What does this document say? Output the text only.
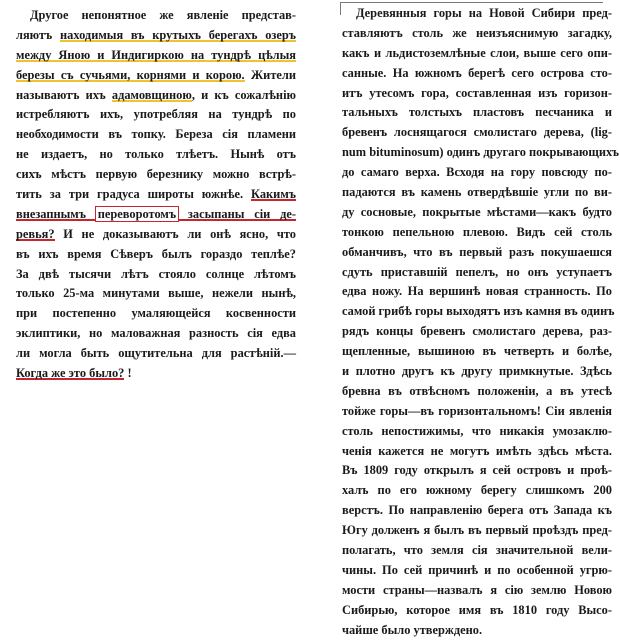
Другое непонятное же явленіе представ-
ляютъ находимыя въ крутыхъ берегахъ озеръ
между Яною и Индигиркою на тундрѣ цѣлыя
березы съ сучьями, корнями и корою. Жители
называютъ ихъ адамовщиною, и къ сожалѣнію
истребляютъ ихъ, употребляя на тундрѣ по
необходимости въ топку. Береза сія пламени
не издаетъ, но только тлѣетъ. Нынѣ отъ
сихъ мѣстъ первую березнику можно встрѣ-
тить за три градуса широты южнѣе. Какимъ
внезапнымъ переворотомъ засыпаны сіи де-
ревья? И не доказываютъ ли онѣ ясно, что
въ ихъ время Сѣверъ былъ гораздо теплѣе?
За двѣ тысячи лѣтъ стояло солнце лѣтомъ
только 25-ма минутами выше, нежели нынѣ,
при постепенно умаляющейся косвенности
эклиптики, но маловажная разность сія едва
ли могла быть ощутительна для растѣній.—
Когда же это было? !
Деревянныя горы на Новой Сибири пред-
ставляютъ столь же неизъяснимую загадку,
какъ и льдистоземлѣные слои, выше сего опи-
санные. На южномъ берегѣ сего острова сто-
итъ утесомъ гора, составленная изъ горизон-
тальныхъ толстыхъ пластовъ песчаника и
бревенъ лоснящагося смолистаго дерева, (lig-
num bituminosum) одинъ другаго покрывающихъ
до самаго верха. Всходя на гору повсюду по-
падаются въ камень отвердѣвшіе угли по ви-
ду сосновые, покрытые мѣстами—какъ будто
тонкою пепельною плевою. Видъ сей столь
обманчивъ, что въ первый разъ покушаешся
сдуть приставшій пепелъ, но онъ уступаетъ
едва ножу. На вершинѣ новая странность. По
самой грибѣ горы выходятъ изъ камня въ одинъ
рядъ концы бревенъ смолистаго дерева, раз-
щепленные, вышиною въ четверть и болѣе,
и плотно другъ къ другу примкнутые. Здѣсь
бревна въ отвѣсномъ положеніи, а въ утесѣ
тойже горы—въ горизонтальномъ! Сіи явленія
столь непостижимы, что никакія умозаклю-
ченія кажется не могутъ имѣть здѣсь мѣста.
Въ 1809 году открылъ я сей островъ и проѣ-
халъ по его южному берегу слишкомъ 200
верстъ. По направленію берега отъ Запада къ
Югу долженъ я былъ въ первый проѣздъ пред-
полагать, что земля сія значительной вели-
чины. По сей причинѣ и по особенной угрю-
мости страны—назвалъ я сію землю Новою
Сибирью, которое имя въ 1810 году Высо-
чайше было утверждено.
